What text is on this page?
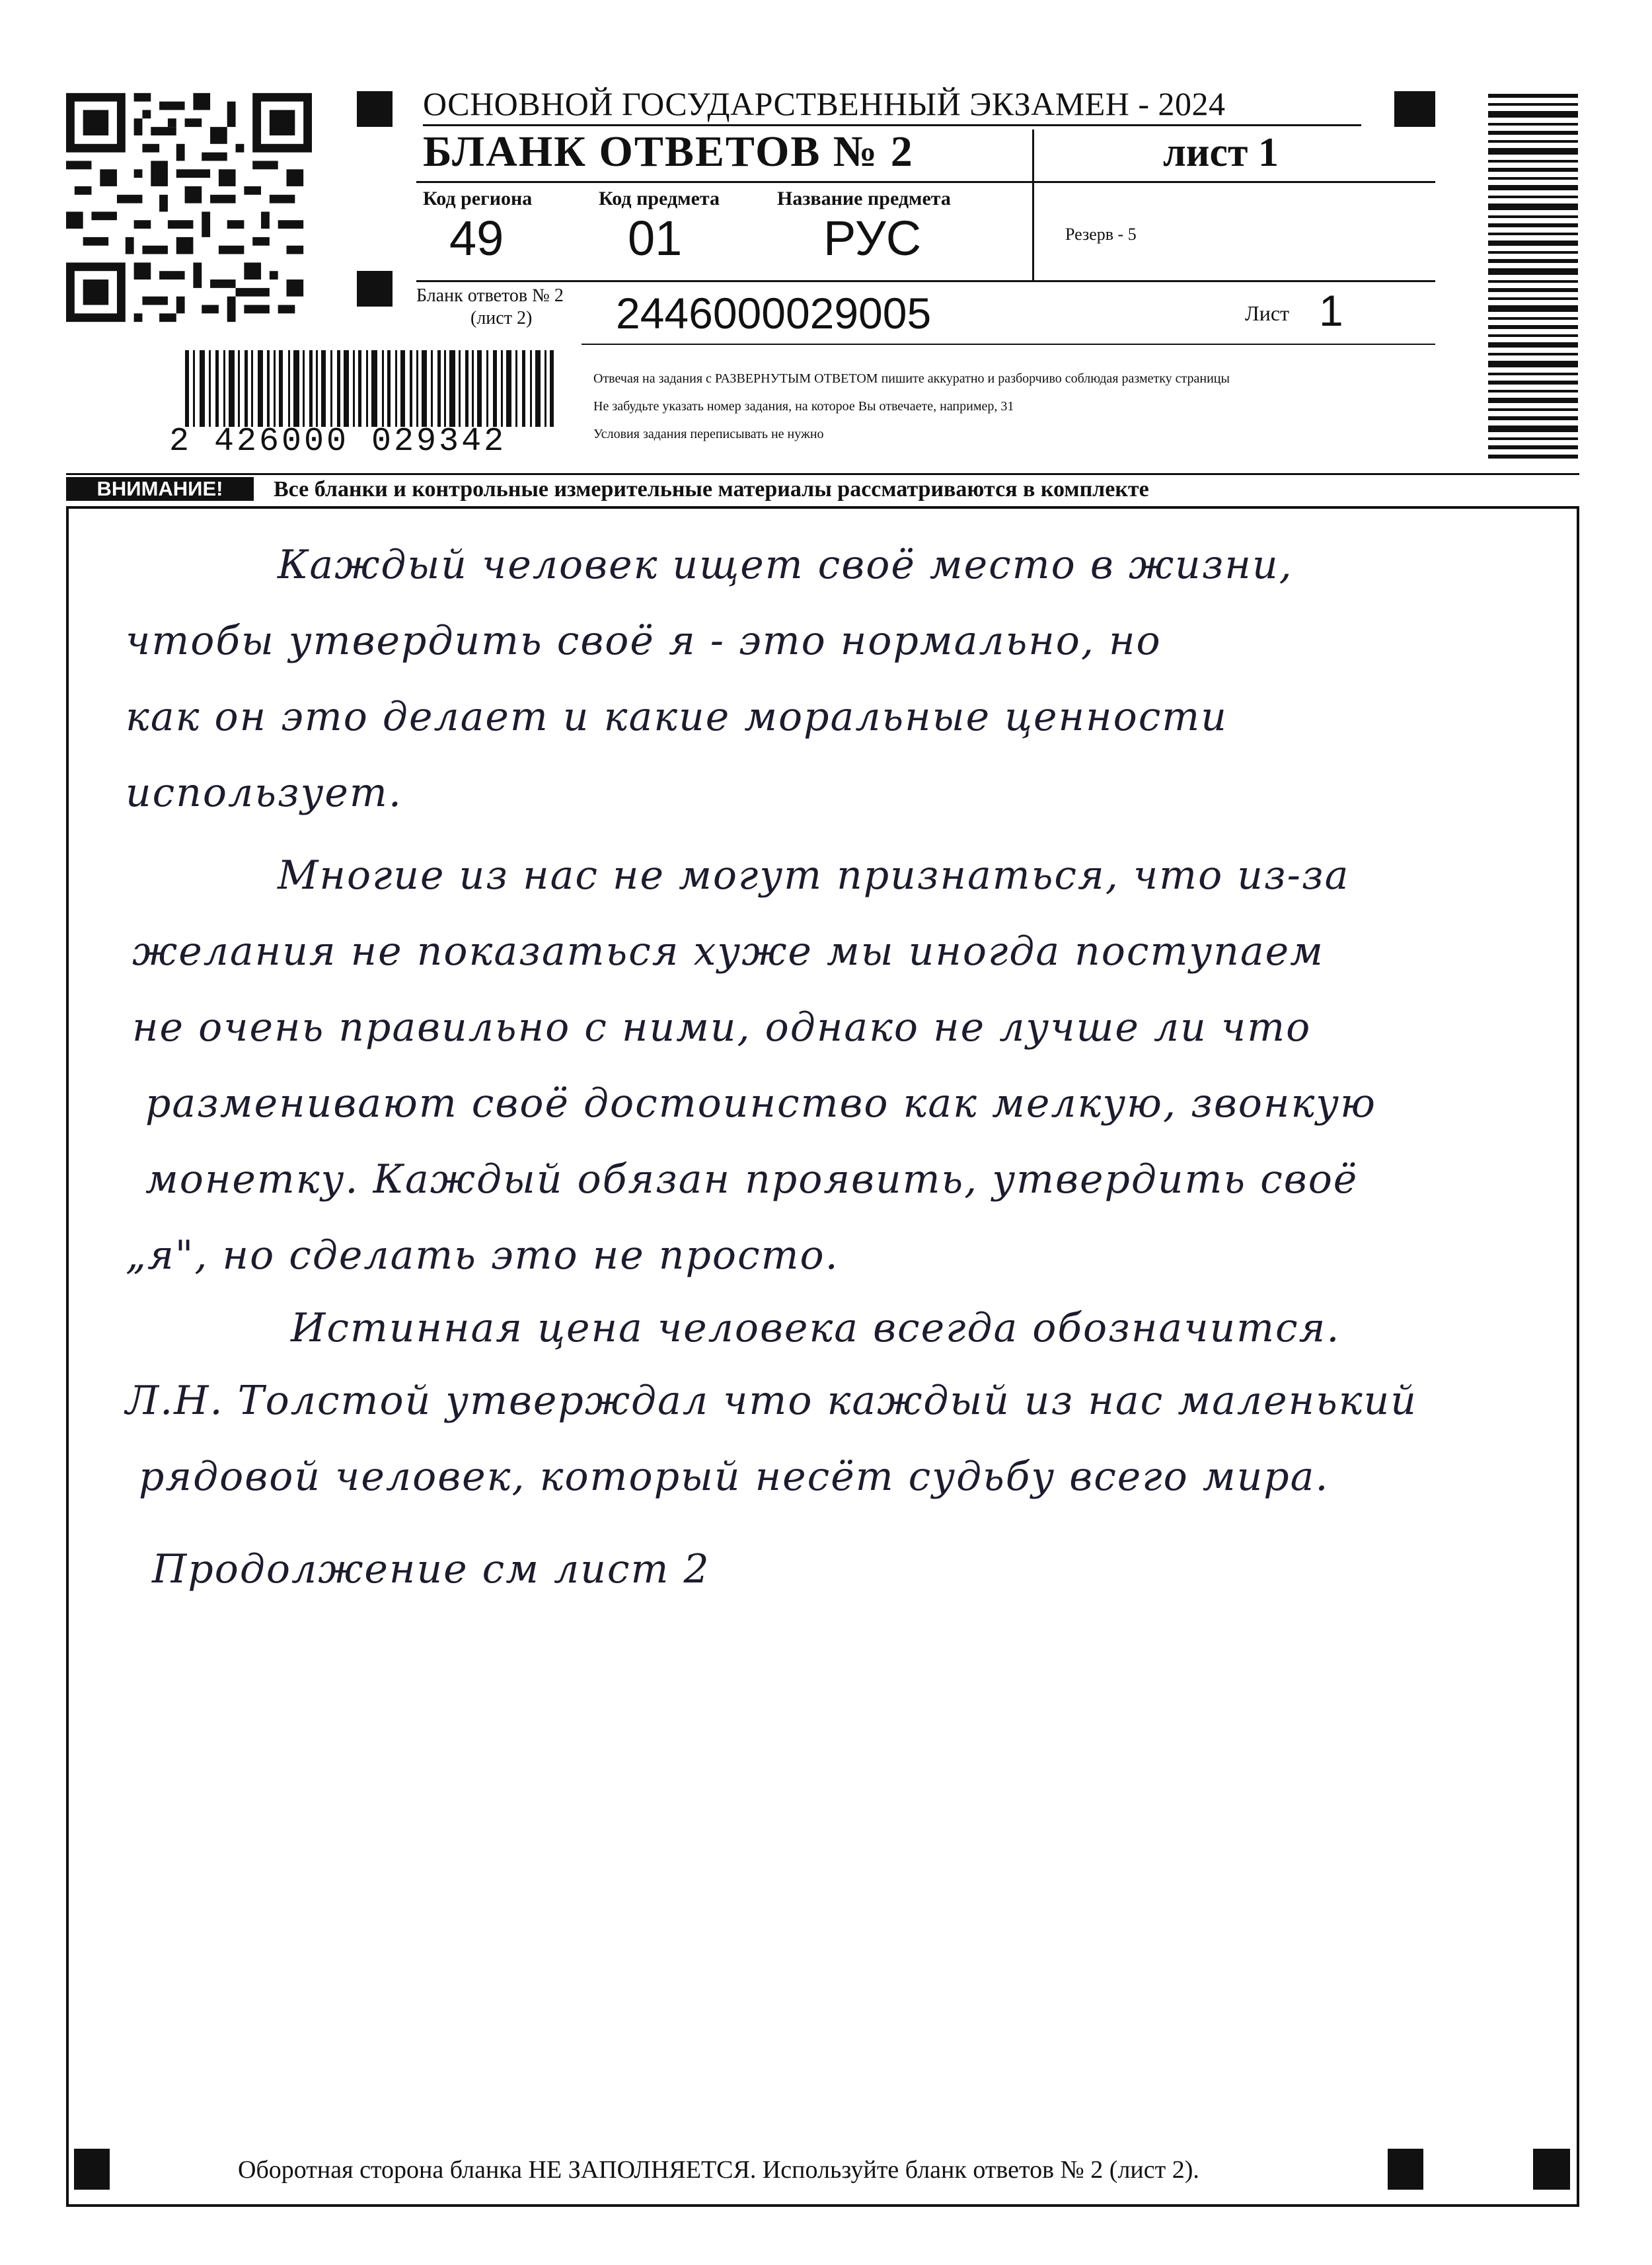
ОСНОВНОЙ ГОСУДАРСТВЕННЫЙ ЭКЗАМЕН - 2024
БЛАНК ОТВЕТОВ № 2	лист 1
Код региона
49
Код предмета
01
Название предмета
РУС	Резерв - 5
Бланк ответов № 2
(лист 2) 2446000029005	Лист 1
Отвечая на задания с РАЗВЕРНУТЫМ ОТВЕТОМ пишите аккуратно и разборчиво соблюдая разметку страницы
Не забудьте указать номер задания, на которое Вы отвечаете, например, 31
Условия задания переписывать не нужно
2 426000 029342
ВНИМАНИЕ!	Все бланки и контрольные измерительные материалы рассматриваются в комплекте
Каждый человек ищет своё место в жизни,
чтобы утвердить своё я - это нормально, но
как он это делает и какие моральные ценности
использует.
Многие из нас не могут признаться, что из-за
желания не показаться хуже мы иногда поступаем
не очень правильно с ними, однако не лучше ли что
разменивают своё достоинство как мелкую, звонкую
монетку. Каждый обязан проявить, утвердить своё
„я", но сделать это не просто.
Истинная цена человека всегда обозначится.
Л.Н. Толстой утверждал что каждый из нас маленький
рядовой человек, который несёт судьбу всего мира.
Продолжение см лист 2
Оборотная сторона бланка НЕ ЗАПОЛНЯЕТСЯ. Используйте бланк ответов № 2 (лист 2).
